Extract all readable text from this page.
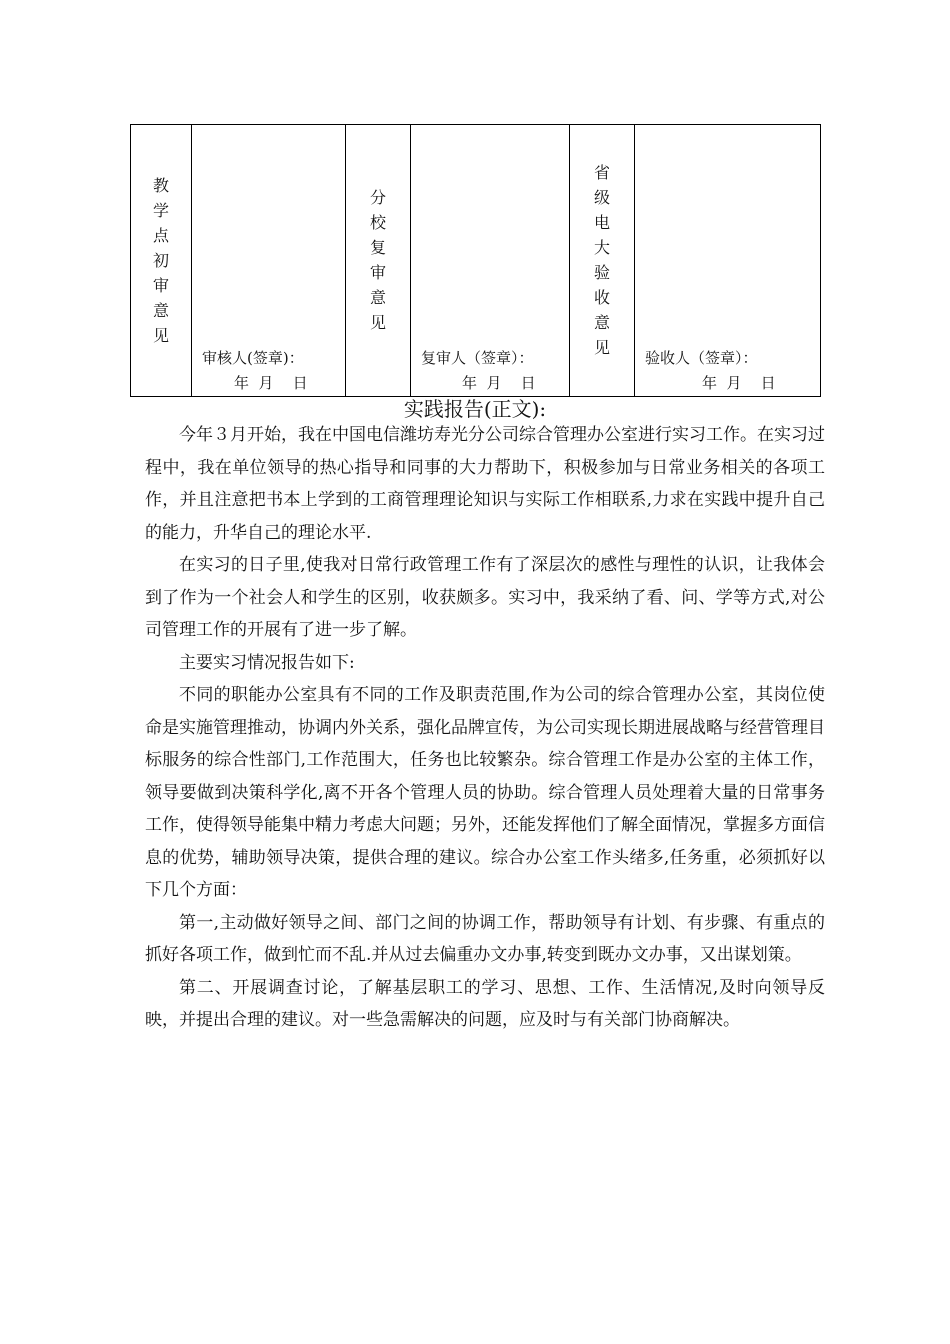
教
学
点
初
审
意
见

审核人(签章)：
年  月    日

分
校
复
审
意
见

复审人（签章）：
年  月    日

省
级
电
大
验
收
意
见

验收人（签章）：
年  月    日
实践报告(正文):

今年３月开始，我在中国电信潍坊寿光分公司综合管理办公室进行实习工作。在实习过程中，我在单位领导的热心指导和同事的大力帮助下，积极参加与日常业务相关的各项工作，并且注意把书本上学到的工商管理理论知识与实际工作相联系,力求在实践中提升自己的能力，升华自己的理论水平.

在实习的日子里,使我对日常行政管理工作有了深层次的感性与理性的认识，让我体会到了作为一个社会人和学生的区别，收获颇多。实习中，我采纳了看、问、学等方式,对公司管理工作的开展有了进一步了解。

主要实习情况报告如下:

不同的职能办公室具有不同的工作及职责范围,作为公司的综合管理办公室，其岗位使命是实施管理推动，协调内外关系，强化品牌宣传，为公司实现长期进展战略与经营管理目标服务的综合性部门,工作范围大，任务也比较繁杂。综合管理工作是办公室的主体工作，领导要做到决策科学化,离不开各个管理人员的协助。综合管理人员处理着大量的日常事务工作，使得领导能集中精力考虑大问题；另外，还能发挥他们了解全面情况，掌握多方面信息的优势，辅助领导决策，提供合理的建议。综合办公室工作头绪多,任务重，必须抓好以下几个方面：

第一,主动做好领导之间、部门之间的协调工作，帮助领导有计划、有步骤、有重点的抓好各项工作，做到忙而不乱.并从过去偏重办文办事,转变到既办文办事，又出谋划策。

第二、开展调查讨论，了解基层职工的学习、思想、工作、生活情况,及时向领导反映，并提出合理的建议。对一些急需解决的问题，应及时与有关部门协商解决。
